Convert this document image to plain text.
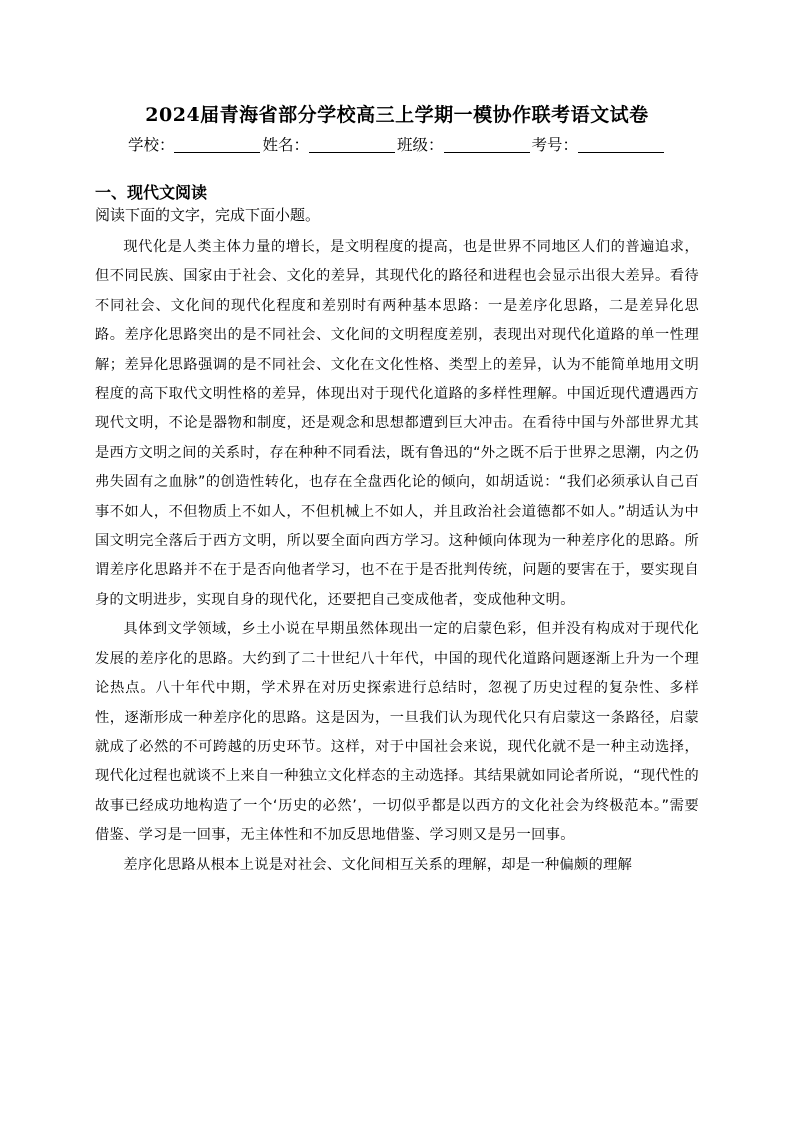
2024届青海省部分学校高三上学期一模协作联考语文试卷
学校：	姓名：	班级：	考号：
一、现代文阅读
阅读下面的文字，完成下面小题。

现代化是人类主体力量的增长，是文明程度的提高，也是世界不同地区人们的普遍追求，但不同民族、国家由于社会、文化的差异，其现代化的路径和进程也会显示出很大差异。看待不同社会、文化间的现代化程度和差别时有两种基本思路：一是差序化思路，二是差异化思路。差序化思路突出的是不同社会、文化间的文明程度差别，表现出对现代化道路的单一性理解；差异化思路强调的是不同社会、文化在文化性格、类型上的差异，认为不能简单地用文明程度的高下取代文明性格的差异，体现出对于现代化道路的多样性理解。中国近现代遭遇西方现代文明，不论是器物和制度，还是观念和思想都遭到巨大冲击。在看待中国与外部世界尤其是西方文明之间的关系时，存在种种不同看法，既有鲁迅的“外之既不后于世界之思潮，内之仍弗失固有之血脉”的创造性转化，也存在全盘西化论的倾向，如胡适说：“我们必须承认自己百事不如人，不但物质上不如人，不但机械上不如人，并且政治社会道德都不如人。”胡适认为中国文明完全落后于西方文明，所以要全面向西方学习。这种倾向体现为一种差序化的思路。所谓差序化思路并不在于是否向他者学习，也不在于是否批判传统，问题的要害在于，要实现自身的文明进步，实现自身的现代化，还要把自己变成他者，变成他种文明。

具体到文学领域，乡土小说在早期虽然体现出一定的启蒙色彩，但并没有构成对于现代化发展的差序化的思路。大约到了二十世纪八十年代，中国的现代化道路问题逐渐上升为一个理论热点。八十年代中期，学术界在对历史探索进行总结时，忽视了历史过程的复杂性、多样性，逐渐形成一种差序化的思路。这是因为，一旦我们认为现代化只有启蒙这一条路径，启蒙就成了必然的不可跨越的历史环节。这样，对于中国社会来说，现代化就不是一种主动选择，现代化过程也就谈不上来自一种独立文化样态的主动选择。其结果就如同论者所说，“现代性的故事已经成功地构造了一个‘历史的必然’，一切似乎都是以西方的文化社会为终极范本。”需要借鉴、学习是一回事，无主体性和不加反思地借鉴、学习则又是另一回事。

差序化思路从根本上说是对社会、文化间相互关系的理解，却是一种偏颇的理解
